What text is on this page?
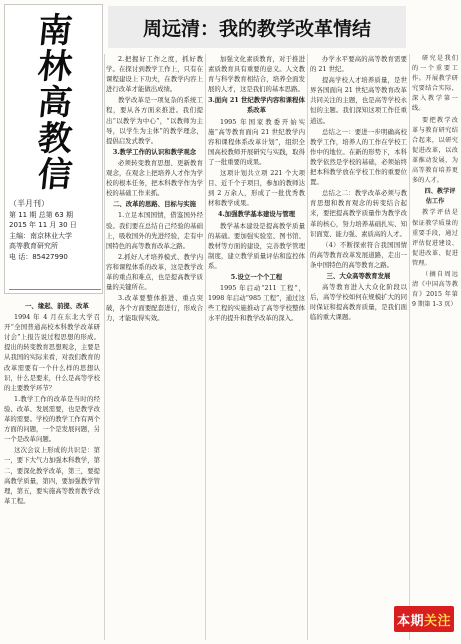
南
林
高
教
信
（半月刊）
第 11 期 总第 63 期
2015 年 11 月 30 日
主编：南京林业大学
高等教育研究所
电 话：85427990
周远清：我的教学改革情结

一、缘起、前提、改革

1994 年 4 月在东北大学召开“全国普通高校本科教学改革研讨会”上报告说过程思想的形成。提出的转变教育思想观念，主要是从我国的实际来看，对我们教育的改革需要有一个什么样的思想认识，什么是要来，什么是高等学校的主要教学环节？

1.教学工作的改革是当时的经验、改革、发展需要，也是教学改革的需要。学校的教学工作有两个方面的问题，一个是发展问题，另一个是改革问题。

这次会议上形成的共识是：第一，要下大气力加强本科教学，第二，要深化教学改革，第三，要提高教学质量，第四，要加强教学管理，第五，要实施高等教育教学改革工程。

2.把握好工作之度，抓好教学。在探讨到教学工作上，只有在课程建设上下功夫，在教学内容上进行改革才能做出成绩。

教学改革是一项复杂的系统工程，要从各方面来推进。我们提出“以教学为中心”，“以教师为主导，以学生为主体”的教学理念，提倡启发式教学。

3.教学工作的认识和教学观念

必须转变教育思想、更新教育观念，在观念上把培养人才作为学校的根本任务，把本科教学作为学校的基础工作来抓。

二、改革的思路、目标与实施

1.立足本国国情，借鉴国外经验。我们要在总结自己经验的基础上，吸收国外的先进经验，走有中国特色的高等教育改革之路。

2.抓好人才培养模式、教学内容和课程体系的改革，这是教学改革的重点和难点，也是提高教学质量的关键所在。

3.改革要整体推进、重点突破，各个方面要配套进行，形成合力，才能取得实效。

加强文化素质教育，对于推进素质教育具有重要的意义。人文教育与科学教育相结合，培养全面发展的人才，这是我们的基本思路。

3.面向 21 世纪教学内容和课程体系改革

1995 年国家教委开始实施“高等教育面向 21 世纪教学内容和课程体系改革计划”，组织全国高校教师开展研究与实践，取得了一批重要的成果。

这项计划共立项 221 个大项目、近千个子项目，参加的教师达到 2 万余人，形成了一批优秀教材和教学成果。

4.加强教学基本建设与管理

教学基本建设是提高教学质量的基础。要加强实验室、图书馆、教材等方面的建设，完善教学管理制度，建立教学质量评估和监控体系。

5.设立一个个工程

1995 年启动“211 工程”，1998 年启动“985 工程”，通过这些工程的实施推动了高等学校整体水平的提升和教学改革的深入。

办学水平要高的高等教育需要的 21 世纪。

提高学校人才培养质量，是世界各国面向 21 世纪高等教育改革共同关注的主题，也是高等学校永恒的主题。我们深知这项工作任重道远。

总结之一：要进一步明确高校教学工作，培养人的工作在学校工作中的地位。在新的形势下，本科教学依然是学校的基础，必须始终把本科教学放在学校工作的重要位置。

总结之二：教学改革必须与教育思想和教育观念的转变结合起来，要把提高教学质量作为教学改革的核心，努力培养基础扎实、知识面宽、能力强、素质高的人才。

（4）不断探索符合我国国情的高等教育改革发展道路，走出一条中国特色的高等教育之路。

三、大众高等教育发展

高等教育进入大众化阶段以后，高等学校如何在规模扩大的同时保证和提高教育质量，是我们面临的重大课题。

研究是我们的一个重要工作。开展教学研究要结合实际，深入教学第一线。

要把教学改革与教育研究结合起来，以研究促进改革，以改革推动发展，为高等教育培养更多的人才。

四、教学评估工作

教学评估是保证教学质量的重要手段，通过评估促进建设、促进改革、促进管理。

（摘自周远清《中国高等教育》2015 年第 9 期第 1-3 页）

本期 关注
